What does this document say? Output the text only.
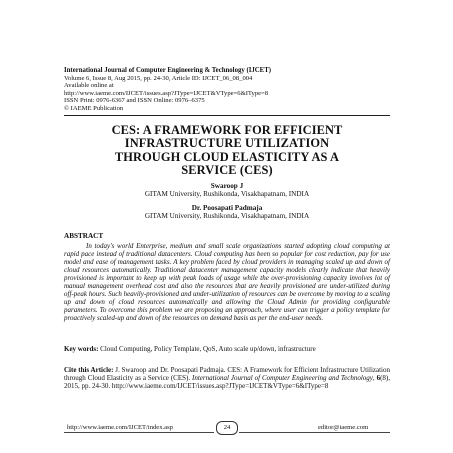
International Journal of Computer Engineering & Technology (IJCET)
Volume 6, Issue 8, Aug 2015, pp. 24-30, Article ID: IJCET_06_08_004
Available online at
http://www.iaeme.com/IJCET/issues.asp?JType=IJCET&VType=6&IType=8
ISSN Print: 0976-6367 and ISSN Online: 0976–6375
© IAEME Publication
CES: A FRAMEWORK FOR EFFICIENT
INFRASTRUCTURE UTILIZATION
THROUGH CLOUD ELASTICITY AS A
SERVICE (CES)
Swaroop J
GITAM University, Rushikonda, Visakhapatnam, INDIA
Dr. Poosapati Padmaja
GITAM University, Rushikonda, Visakhapatnam, INDIA
ABSTRACT
In today's world Enterprise, medium and small scale organizations started adopting cloud computing at rapid pace instead of traditional datacenters. Cloud computing has been so popular for cost reduction, pay for use model and ease of management tasks. A key problem faced by cloud providers in managing scaled up and down of cloud resources automatically. Traditional datacenter management capacity models clearly indicate that heavily provisioned is important to keep up with peak loads of usage while the over-provisioning capacity involves lot of manual management overhead cost and also the resources that are heavily provisioned are under-utilized during off-peak hours. Such heavily-provisioned and under-utilization of resources can be overcome by moving to a scaling up and down of cloud resources automatically and allowing the Cloud Admin for providing configurable parameters. To overcome this problem we are proposing an approach, where user can trigger a policy template for proactively scaled-up and down of the resources on demand basis as per the end-user needs.
Key words: Cloud Computing, Policy Template, QoS, Auto scale up/down, infrastructure
Cite this Article: J. Swaroop and Dr. Poosapati Padmaja. CES: A Framework for Efficient Infrastructure Utilization through Cloud Elasticity as a Service (CES). International Journal of Computer Engineering and Technology, 6(8), 2015, pp. 24-30. http://www.iaeme.com/IJCET/issues.asp?JType=IJCET&VType=6&IType=8
http://www.iaeme.com/IJCET/index.asp	24	editor@iaeme.com
